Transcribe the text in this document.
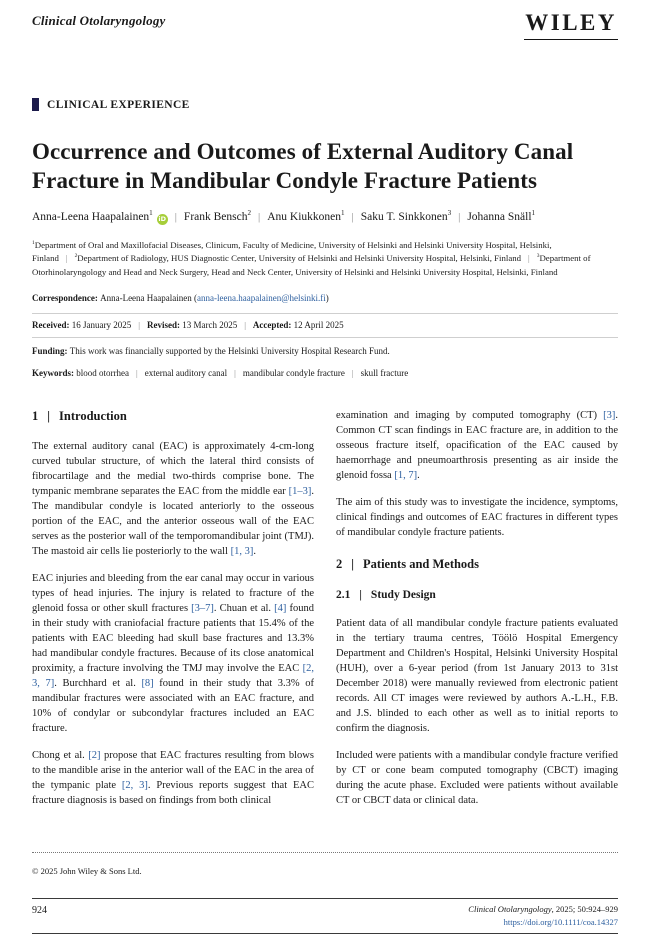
Clinical Otolaryngology	WILEY
CLINICAL EXPERIENCE
Occurrence and Outcomes of External Auditory Canal Fracture in Mandibular Condyle Fracture Patients
Anna-Leena Haapalainen$^1$iD | Frank Bensch$^2$ | Anu Kiukkonen$^1$ | Saku T. Sinkkonen$^3$ | Johanna Snäll$^1$
$^1$Department of Oral and Maxillofacial Diseases, Clinicum, Faculty of Medicine, University of Helsinki and Helsinki University Hospital, Helsinki, Finland | $^2$Department of Radiology, HUS Diagnostic Center, University of Helsinki and Helsinki University Hospital, Helsinki, Finland | $^3$Department of Otorhinolaryngology and Head and Neck Surgery, Head and Neck Center, University of Helsinki and Helsinki University Hospital, Helsinki, Finland
Correspondence: Anna-Leena Haapalainen (anna-leena.haapalainen@helsinki.fi)
Received: 16 January 2025 | Revised: 13 March 2025 | Accepted: 12 April 2025
Funding: This work was financially supported by the Helsinki University Hospital Research Fund.
Keywords: blood otorrhea | external auditory canal | mandibular condyle fracture | skull fracture
1 | Introduction

The external auditory canal (EAC) is approximately 4-cm-long curved tubular structure, of which the lateral third consists of fibrocartilage and the medial two-thirds comprise bone. The tympanic membrane separates the EAC from the middle ear [1–3]. The mandibular condyle is located anteriorly to the osseous portion of the EAC, and the anterior osseous wall of the EAC serves as the posterior wall of the temporomandibular joint (TMJ). The mastoid air cells lie posteriorly to the wall [1, 3].

EAC injuries and bleeding from the ear canal may occur in various types of head injuries. The injury is related to fracture of the glenoid fossa or other skull fractures [3–7]. Chuan et al. [4] found in their study with craniofacial fracture patients that 15.4% of the patients with EAC bleeding had skull base fractures and 13.3% had mandibular condyle fractures. Because of its close anatomical proximity, a fracture involving the TMJ may involve the EAC [2, 3, 7]. Burchhard et al. [8] found in their study that 3.3% of mandibular fractures were associated with an EAC fracture, and 10% of condylar or subcondylar fractures included an EAC fracture.

Chong et al. [2] propose that EAC fractures resulting from blows to the mandible arise in the anterior wall of the EAC in the area of the tympanic plate [2, 3]. Previous reports suggest that EAC fracture diagnosis is based on findings from both clinical

examination and imaging by computed tomography (CT) [3]. Common CT scan findings in EAC fracture are, in addition to the osseous fracture itself, opacification of the EAC caused by haemorrhage and pneumoarthrosis presenting as air inside the glenoid fossa [1, 7].

The aim of this study was to investigate the incidence, symptoms, clinical findings and outcomes of EAC fractures in different types of mandibular condyle fracture patients.

2 | Patients and Methods
2.1 | Study Design

Patient data of all mandibular condyle fracture patients evaluated in the tertiary trauma centres, Töölö Hospital Emergency Department and Children's Hospital, Helsinki University Hospital (HUH), over a 6-year period (from 1st January 2013 to 31st December 2018) were manually reviewed from electronic patient records. All CT images were reviewed by authors A.-L.H., F.B. and J.S. blinded to each other as well as to initial reports to confirm the diagnosis.

Included were patients with a mandibular condyle fracture verified by CT or cone beam computed tomography (CBCT) imaging during the acute phase. Excluded were patients without available CT or CBCT data or clinical data.

© 2025 John Wiley & Sons Ltd.
924	Clinical Otolaryngology, 2025; 50:924–929
https://doi.org/10.1111/coa.14327
